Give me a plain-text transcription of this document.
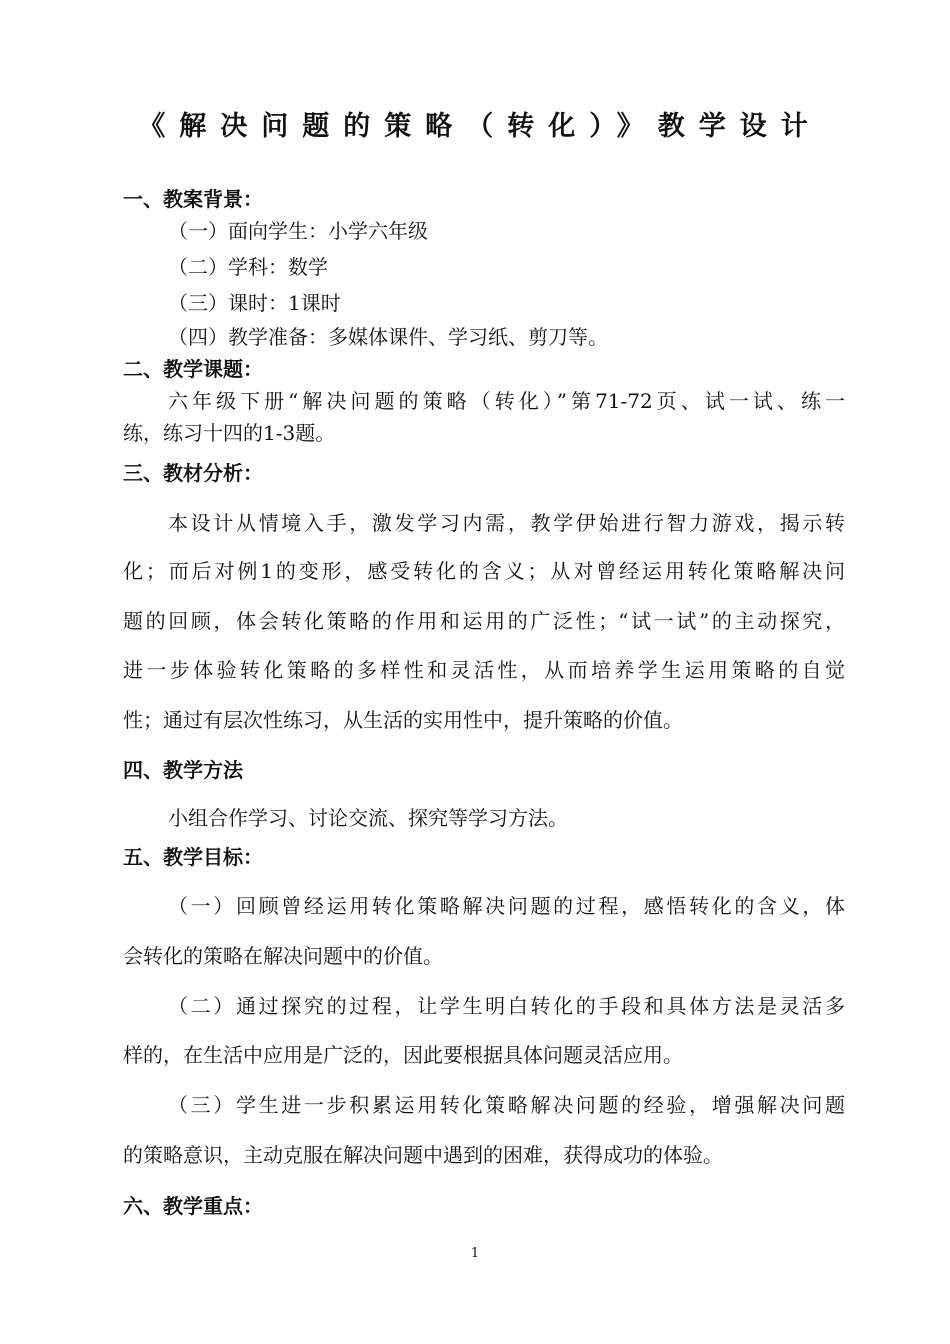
《解决问题的策略（转化）》教学设计
一、教案背景：
（一）面向学生：小学六年级
（二）学科：数学
（三）课时：1课时
（四）教学准备：多媒体课件、学习纸、剪刀等。
二、教学课题：
六年级下册“解决问题的策略（转化）”第71-72页、试一试、练一
练，练习十四的1-3题。
三、教材分析：
本设计从情境入手，激发学习内需，教学伊始进行智力游戏，揭示转
化；而后对例1的变形，感受转化的含义；从对曾经运用转化策略解决问
题的回顾，体会转化策略的作用和运用的广泛性；“试一试”的主动探究，
进一步体验转化策略的多样性和灵活性，从而培养学生运用策略的自觉
性；通过有层次性练习，从生活的实用性中，提升策略的价值。
四、教学方法
小组合作学习、讨论交流、探究等学习方法。
五、教学目标：
（一）回顾曾经运用转化策略解决问题的过程，感悟转化的含义，体
会转化的策略在解决问题中的价值。
（二）通过探究的过程，让学生明白转化的手段和具体方法是灵活多
样的，在生活中应用是广泛的，因此要根据具体问题灵活应用。
（三）学生进一步积累运用转化策略解决问题的经验，增强解决问题
的策略意识，主动克服在解决问题中遇到的困难，获得成功的体验。
六、教学重点：
1
